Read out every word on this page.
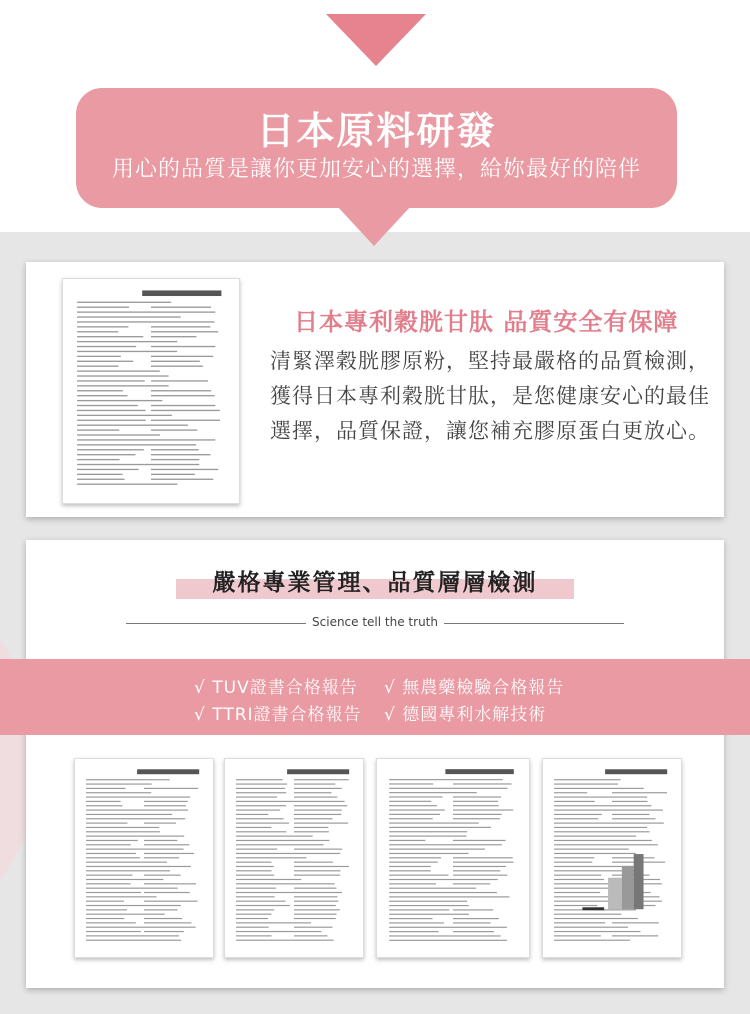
日本原料研發
用心的品質是讓你更加安心的選擇，給妳最好的陪伴
日本專利穀胱甘肽 品質安全有保障
清緊澤穀胱膠原粉，堅持最嚴格的品質檢測，獲得日本專利穀胱甘肽，是您健康安心的最佳選擇，品質保證，讓您補充膠原蛋白更放心。
嚴格專業管理、品質層層檢測
Science tell the truth
√ TUV證書合格報告 √ 無農藥檢驗合格報告
√ TTRI證書合格報告 √ 德國專利水解技術
